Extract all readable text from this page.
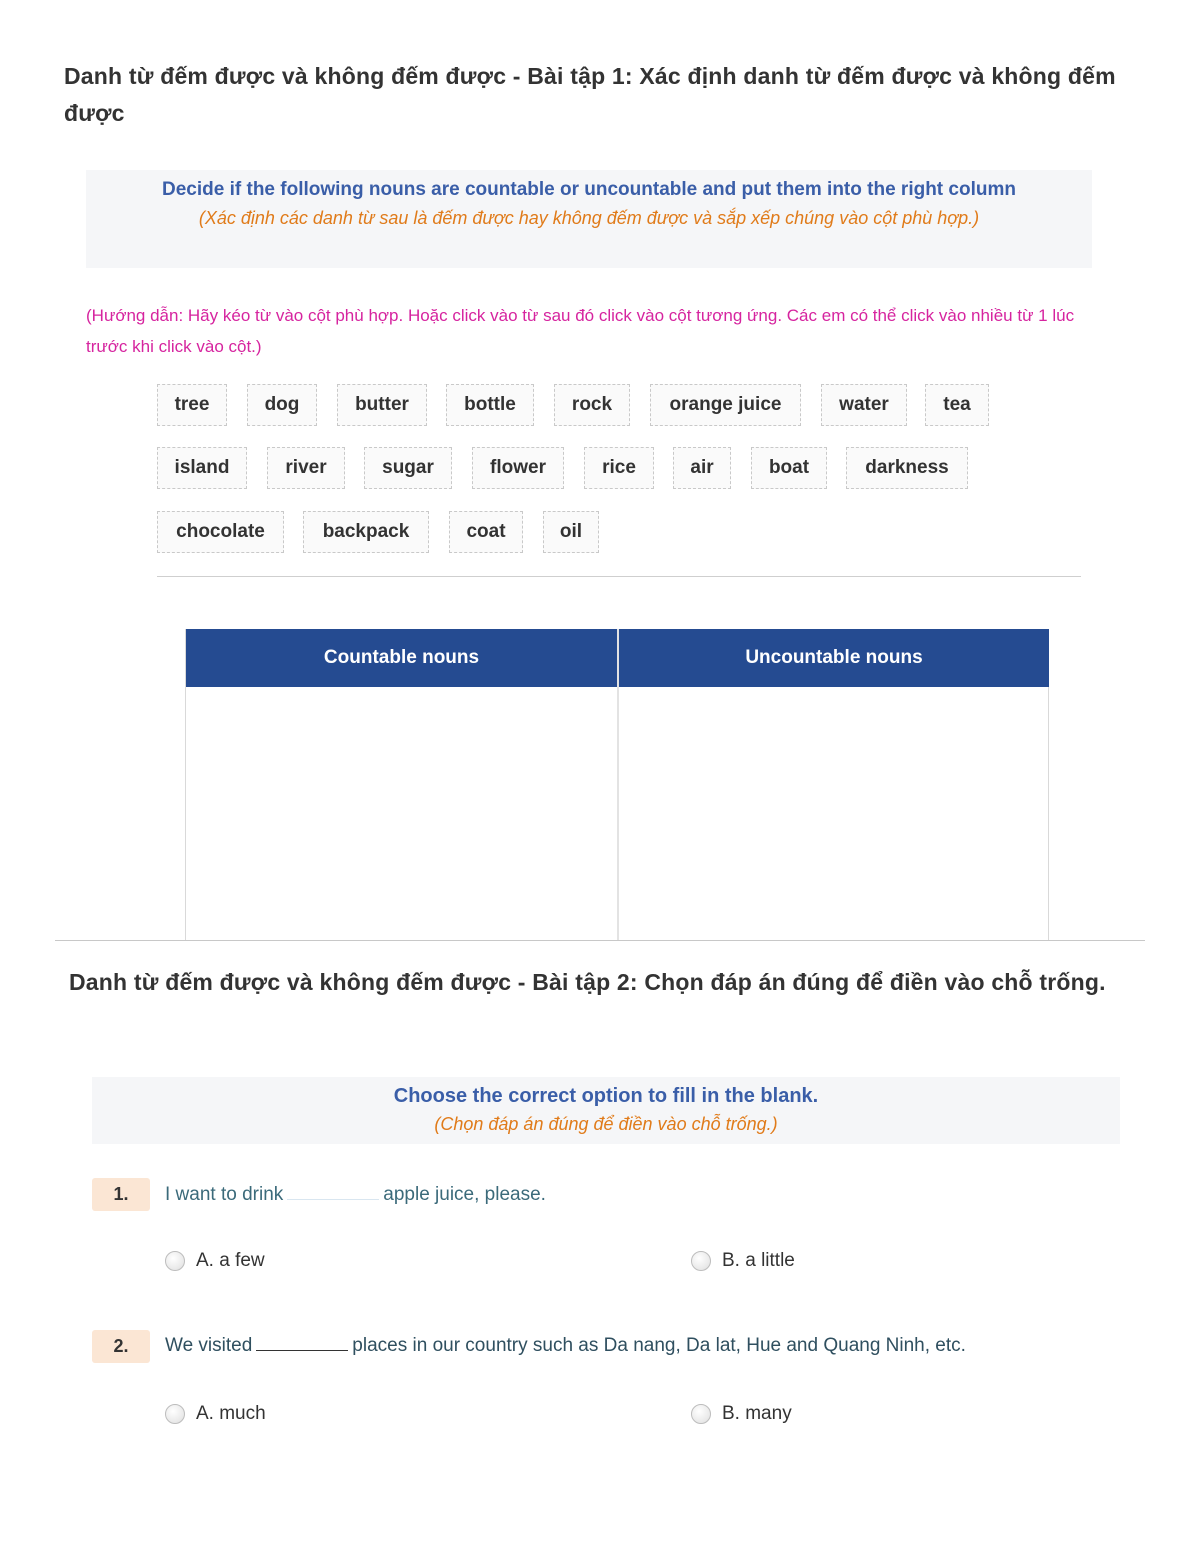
Danh từ đếm được và không đếm được - Bài tập 1: Xác định danh từ đếm được và không đếm được
Decide if the following nouns are countable or uncountable and put them into the right column
(Xác định các danh từ sau là đếm được hay không đếm được và sắp xếp chúng vào cột phù hợp.)
(Hướng dẫn: Hãy kéo từ vào cột phù hợp. Hoặc click vào từ sau đó click vào cột tương ứng. Các em có thể click vào nhiều từ 1 lúc trước khi click vào cột.)
tree	dog	butter	bottle	rock	orange juice	water	tea
island	river	sugar	flower	rice	air	boat	darkness
chocolate	backpack	coat	oil
Countable nouns	Uncountable nouns
Danh từ đếm được và không đếm được - Bài tập 2: Chọn đáp án đúng để điền vào chỗ trống.
Choose the correct option to fill in the blank.
(Chọn đáp án đúng để điền vào chỗ trống.)
1.	I want to drink	apple juice, please.
A. a few	B. a little
2.	We visited	places in our country such as Da nang, Da lat, Hue and Quang Ninh, etc.
A. much	B. many
